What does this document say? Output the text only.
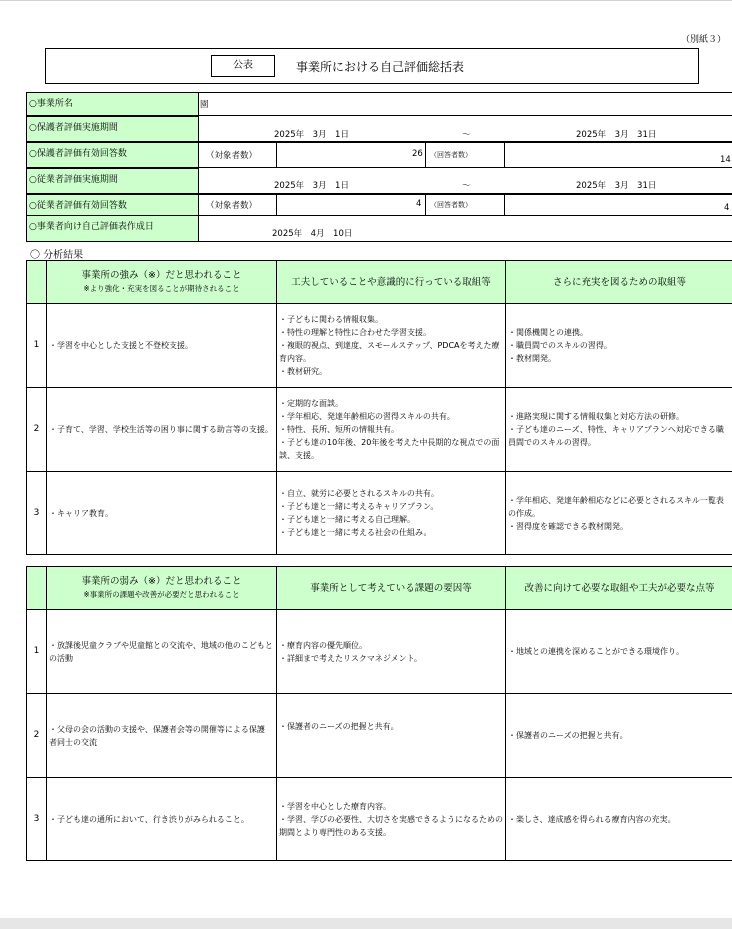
（別紙３）
公表	事業所における自己評価総括表
○事業所名	園
○保護者評価実施期間
2025年　3月　1日	～	2025年　3月　31日
○保護者評価有効回答数	（対象者数）	26 （回答者数）	14
○従業者評価実施期間
2025年　3月　1日	～	2025年　3月　31日
○従業者評価有効回答数	（対象者数）	4 （回答者数）	4
○事業者向け自己評価表作成日
2025年　4月　10日
〇 分析結果
	事業所の強み（※）だと思われること
※より強化・充実を図ることが期待されること	工夫していることや意識的に行っている取組等	さらに充実を図るための取組等
1	・学習を中心とした支援と不登校支援。	・子どもに関わる情報収集。
・特性の理解と特性に合わせた学習支援。
・複眼的視点、到達度、スモールステップ、PDCAを考えた療
育内容。
・教材研究。	・関係機関との連携。
・職員間でのスキルの習得。
・教材開発。

2	・子育て、学習、学校生活等の困り事に関する助言等の支援。	・定期的な面談。
・学年相応、発達年齢相応の習得スキルの共有。
・特性、長所、短所の情報共有。
・子ども達の10年後、20年後を考えた中長期的な視点での面
談、支援。	・進路実現に関する情報収集と対応方法の研修。
・子ども達のニーズ、特性、キャリアプランへ対応できる職
員間でのスキルの習得。

3	・キャリア教育。	・自立、就労に必要とされるスキルの共有。
・子ども達と一緒に考えるキャリアプラン。
・子ども達と一緒に考える自己理解。
・子ども達と一緒に考える社会の仕組み。	・学年相応、発達年齢相応などに必要とされるスキル一覧表
の作成。
・習得度を確認できる教材開発。
	事業所の弱み（※）だと思われること
※事業所の課題や改善が必要だと思われること	事業所として考えている課題の要因等	改善に向けて必要な取組や工夫が必要な点等
1	・放課後児童クラブや児童館との交流や、地域の他のこどもと
の活動	・療育内容の優先順位。
・詳細まで考えたリスクマネジメント。	・地域との連携を深めることができる環境作り。

2	・父母の会の活動の支援や、保護者会等の開催等による保護
者同士の交流	・保護者のニーズの把握と共有。	・保護者のニーズの把握と共有。

3	・子ども達の通所において、行き渋りがみられること。	・学習を中心とした療育内容。
・学習、学びの必要性、大切さを実感できるようになるための
期間とより専門性のある支援。	・楽しさ、達成感を得られる療育内容の充実。
